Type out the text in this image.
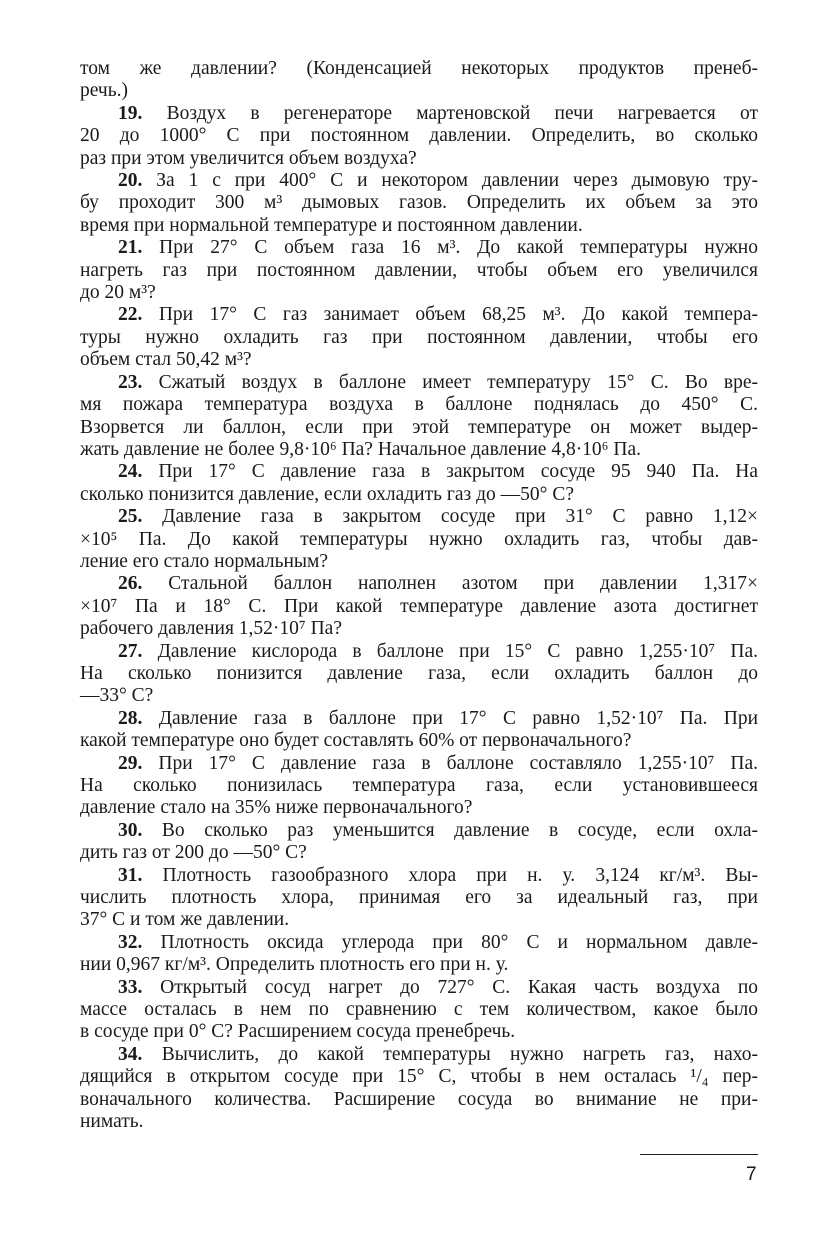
том же давлении? (Конденсацией некоторых продуктов пренеб-
речь.)
19. Воздух в регенераторе мартеновской печи нагревается от
20 до 1000° С при постоянном давлении. Определить, во сколько
раз при этом увеличится объем воздуха?
20. За 1 с при 400° С и некотором давлении через дымовую тру-
бу проходит 300 м³ дымовых газов. Определить их объем за это
время при нормальной температуре и постоянном давлении.
21. При 27° С объем газа 16 м³. До какой температуры нужно
нагреть газ при постоянном давлении, чтобы объем его увеличился
до 20 м³?
22. При 17° С газ занимает объем 68,25 м³. До какой темпера-
туры нужно охладить газ при постоянном давлении, чтобы его
объем стал 50,42 м³?
23. Сжатый воздух в баллоне имеет температуру 15° С. Во вре-
мя пожара температура воздуха в баллоне поднялась до 450° С.
Взорвется ли баллон, если при этой температуре он может выдер-
жать давление не более 9,8·10⁶ Па? Начальное давление 4,8·10⁶ Па.
24. При 17° С давление газа в закрытом сосуде 95 940 Па. На
сколько понизится давление, если охладить газ до —50° С?
25. Давление газа в закрытом сосуде при 31° С равно 1,12×
×10⁵ Па. До какой температуры нужно охладить газ, чтобы дав-
ление его стало нормальным?
26. Стальной баллон наполнен азотом при давлении 1,317×
×10⁷ Па и 18° С. При какой температуре давление азота достигнет
рабочего давления 1,52·10⁷ Па?
27. Давление кислорода в баллоне при 15° С равно 1,255·10⁷ Па.
На сколько понизится давление газа, если охладить баллон до
—33° С?
28. Давление газа в баллоне при 17° С равно 1,52·10⁷ Па. При
какой температуре оно будет составлять 60% от первоначального?
29. При 17° С давление газа в баллоне составляло 1,255·10⁷ Па.
На сколько понизилась температура газа, если установившееся
давление стало на 35% ниже первоначального?
30. Во сколько раз уменьшится давление в сосуде, если охла-
дить газ от 200 до —50° С?
31. Плотность газообразного хлора при н. у. 3,124 кг/м³. Вы-
числить плотность хлора, принимая его за идеальный газ, при
37° С и том же давлении.
32. Плотность оксида углерода при 80° С и нормальном давле-
нии 0,967 кг/м³. Определить плотность его при н. у.
33. Открытый сосуд нагрет до 727° С. Какая часть воздуха по
массе осталась в нем по сравнению с тем количеством, какое было
в сосуде при 0° С? Расширением сосуда пренебречь.
34. Вычислить, до какой температуры нужно нагреть газ, нахо-
дящийся в открытом сосуде при 15° С, чтобы в нем осталась ¹/₄ пер-
воначального количества. Расширение сосуда во внимание не при-
нимать.
7
